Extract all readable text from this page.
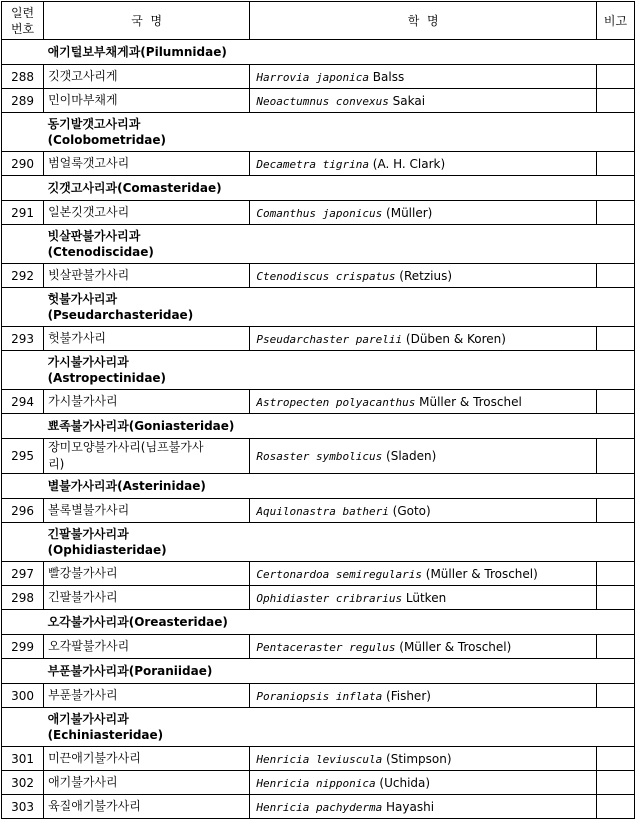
일련
번호	국  명	학  명	비고
	애기털보부채게과(Pilumnidae)		
288	깃갯고사리게	Harrovia japonica Balss	
289	민이마부채게	Neoactumnus convexus Sakai	
	동기발갯고사리과
(Colobometridae)		
290	범얼룩갯고사리	Decametra tigrina (A. H. Clark)	
	깃갯고사리과(Comasteridae)		
291	일본깃갯고사리	Comanthus japonicus (Müller)	
	빗살판불가사리과
(Ctenodiscidae)		
292	빗살판불가사리	Ctenodiscus crispatus (Retzius)	
	헛불가사리과
(Pseudarchasteridae)		
293	헛불가사리	Pseudarchaster parelii (Düben & Koren)	
	가시불가사리과
(Astropectinidae)		
294	가시불가사리	Astropecten polyacanthus Müller & Troschel	
	뾰족불가사리과(Goniasteridae)		
295	장미모양불가사리(님프불가사
리)	Rosaster symbolicus (Sladen)	
	별불가사리과(Asterinidae)		
296	볼록별불가사리	Aquilonastra batheri (Goto)	
	긴팔불가사리과
(Ophidiasteridae)		
297	빨강불가사리	Certonardoa semiregularis (Müller & Troschel)	
298	긴팔불가사리	Ophidiaster cribrarius Lütken	
	오각불가사리과(Oreasteridae)		
299	오각팔불가사리	Pentaceraster regulus (Müller & Troschel)	
	부푼불가사리과(Poraniidae)		
300	부푼불가사리	Poraniopsis inflata (Fisher)	
	애기불가사리과
(Echiniasteridae)		
301	미끈애기불가사리	Henricia leviuscula (Stimpson)	
302	애기불가사리	Henricia nipponica (Uchida)	
303	육질애기불가사리	Henricia pachyderma Hayashi	
